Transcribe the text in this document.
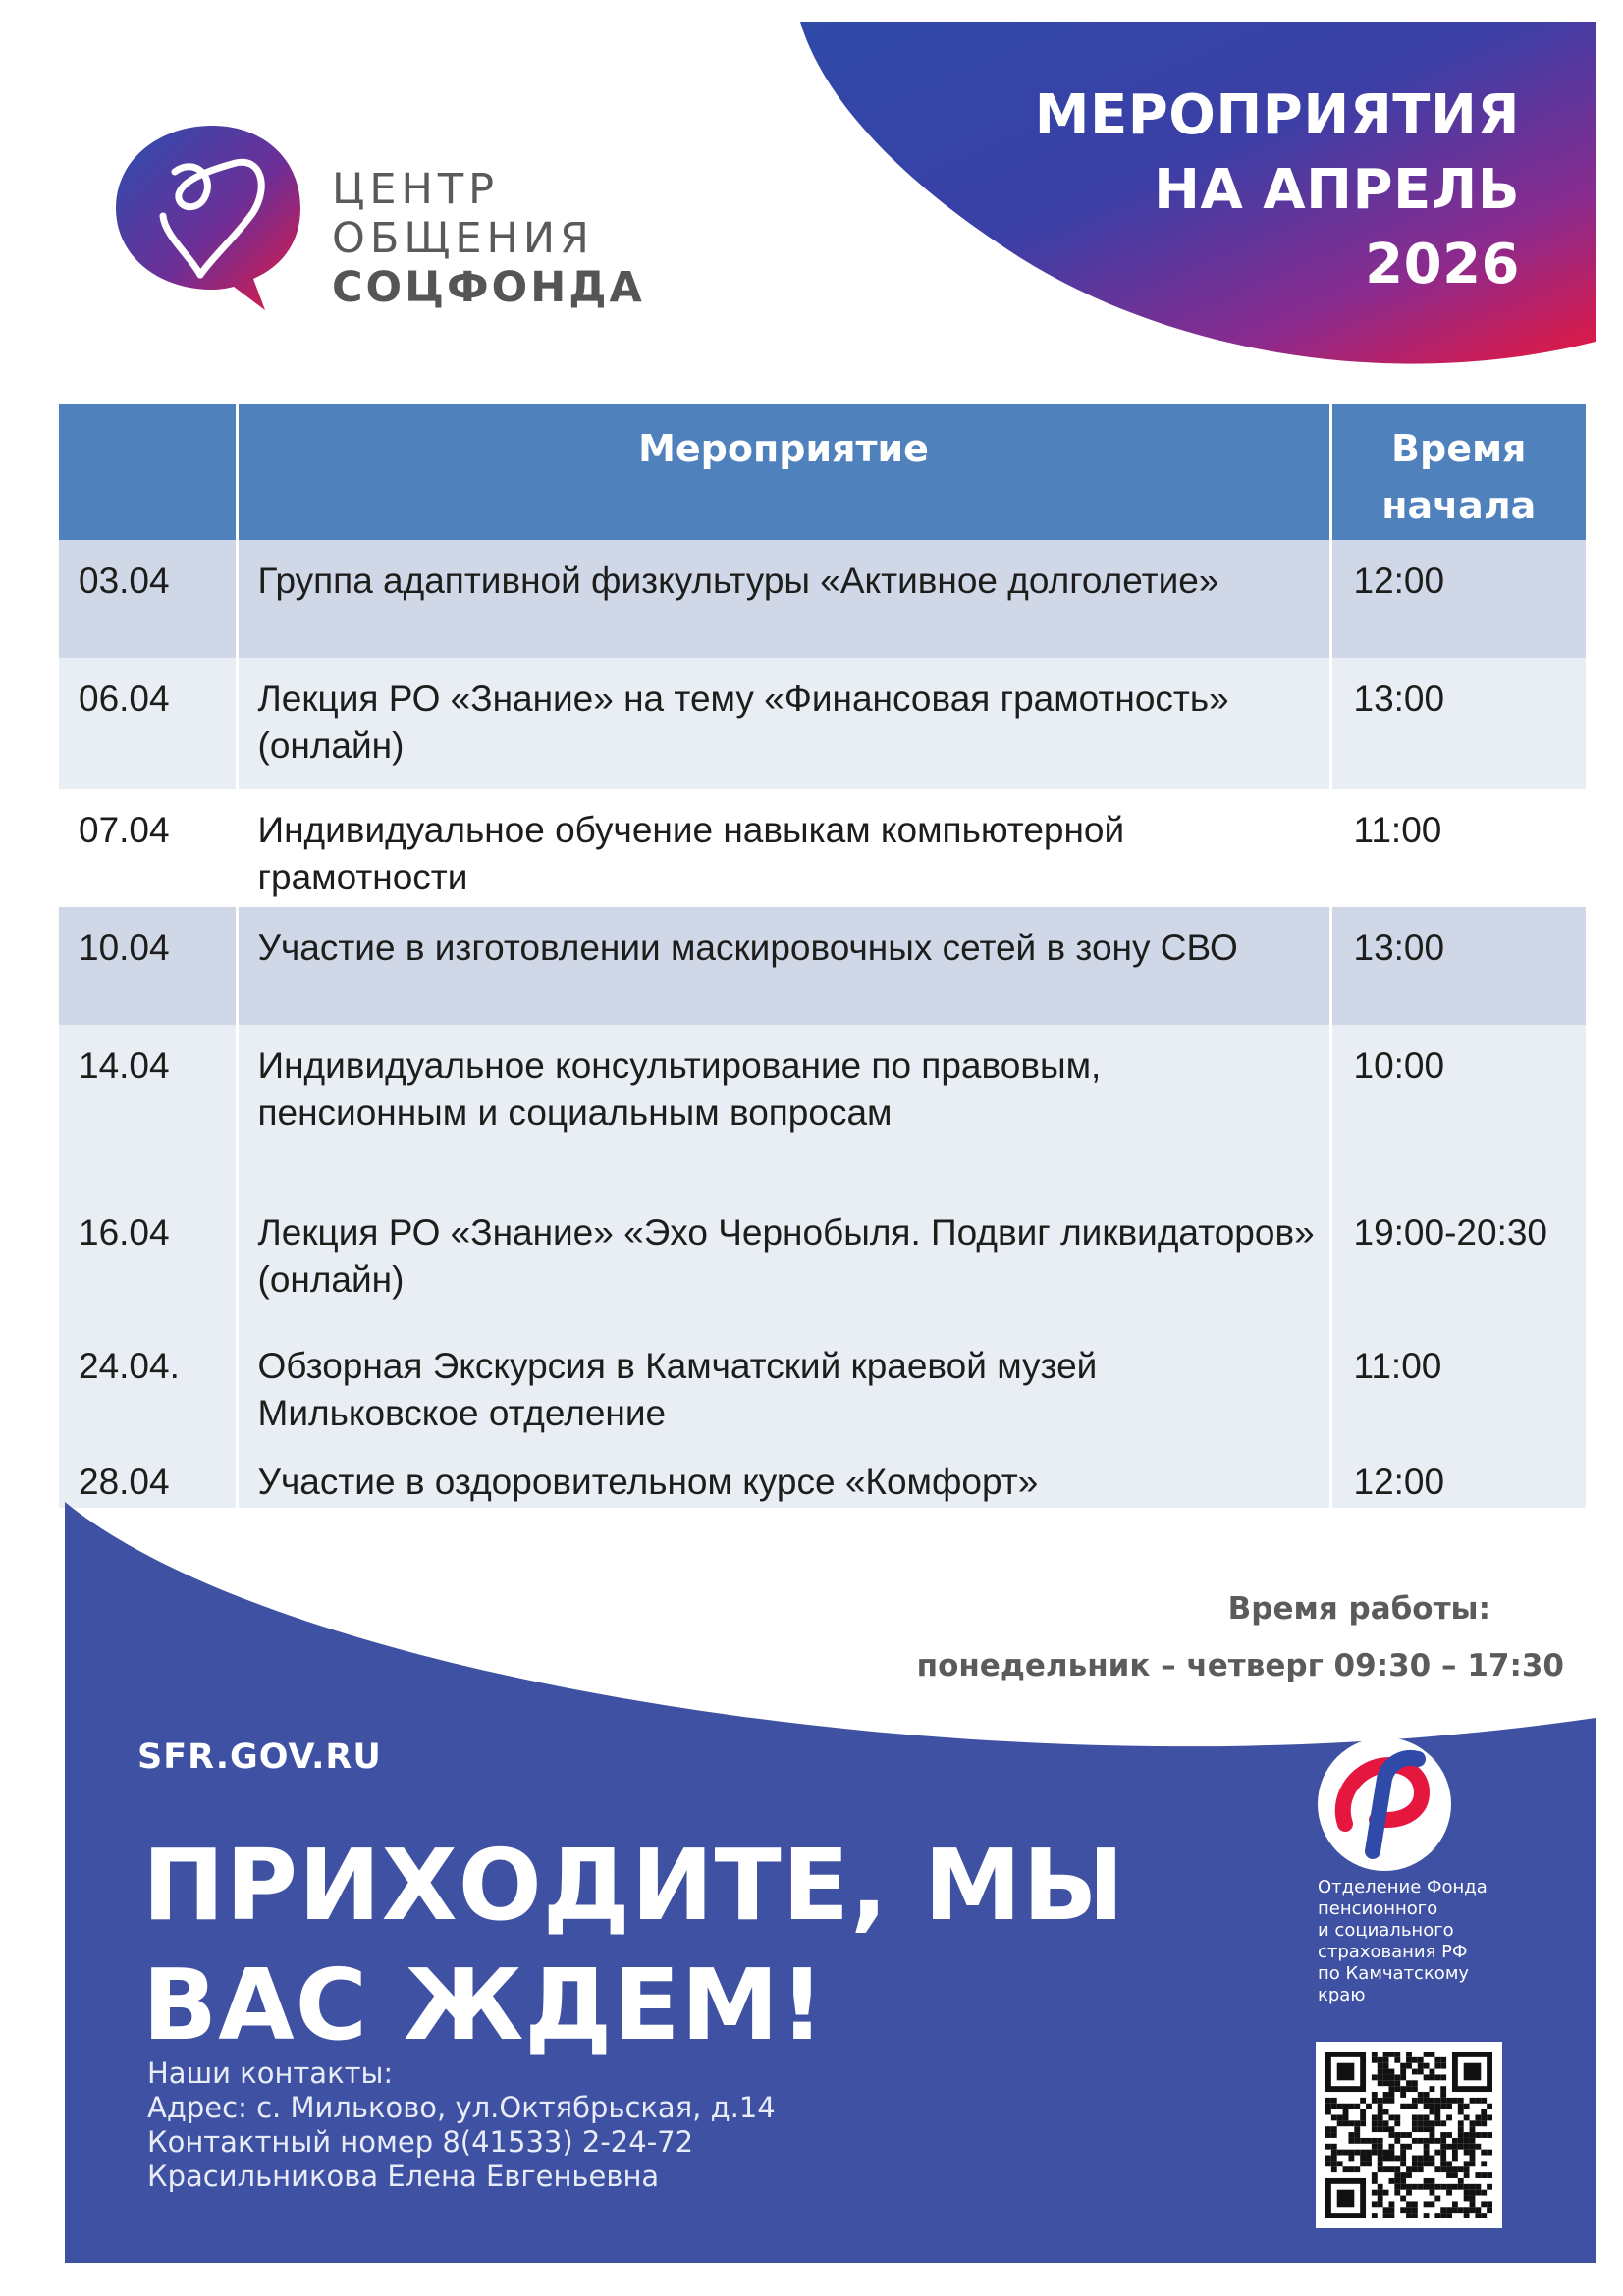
МЕРОПРИЯТИЯ
НА АПРЕЛЬ
2026
ЦЕНТР
ОБЩЕНИЯ
СОЦФОНДА

	Мероприятие	Время начала

03.04	Группа адаптивной физкультуры «Активное долголетие»	12:00
06.04	Лекция РО «Знание» на тему «Финансовая грамотность» (онлайн)	13:00
07.04	Индивидуальное обучение навыкам компьютерной грамотности	11:00
10.04	Участие в изготовлении маскировочных сетей в зону СВО	13:00
14.04	Индивидуальное консультирование по правовым, пенсионным и социальным вопросам	10:00
16.04	Лекция РО «Знание» «Эхо Чернобыля. Подвиг ликвидаторов» (онлайн)	19:00-20:30
24.04.	Обзорная Экскурсия в Камчатский краевой музей Мильковское отделение	11:00
28.04	Участие в оздоровительном курсе «Комфорт»	12:00
Время работы:
понедельник – четверг 09:30 – 17:30
SFR.GOV.RU
ПРИХОДИТЕ, МЫ
ВАС ЖДЕМ!
Наши контакты:
Адрес: с. Мильково, ул.Октябрьская, д.14
Контактный номер 8(41533) 2-24-72
Красильникова Елена Евгеньевна
Отделение Фонда
пенсионного
и социального
страхования РФ
по Камчатскому
краю
